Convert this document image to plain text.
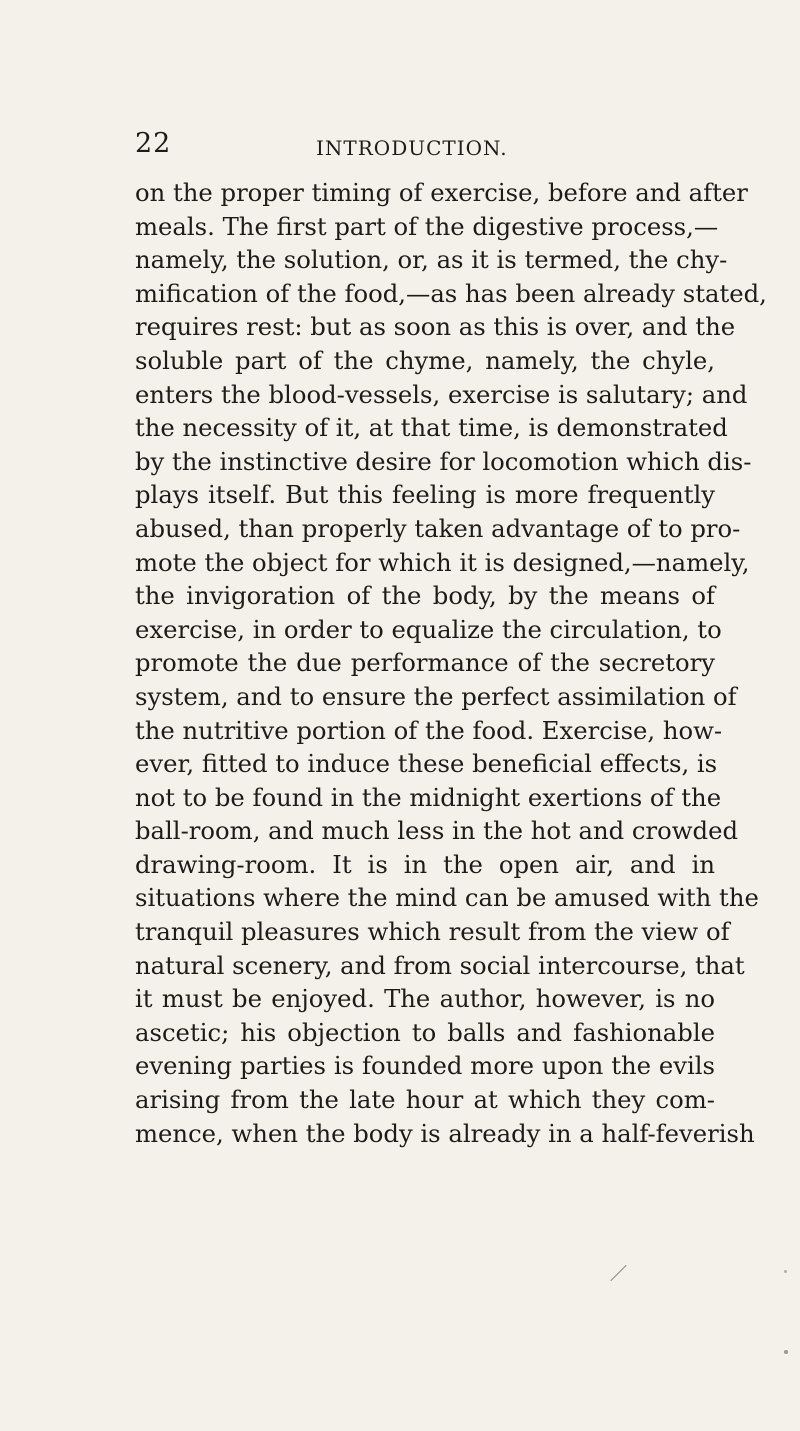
22	INTRODUCTION.
on the proper timing of exercise, before and after
meals. The first part of the digestive process,—
namely, the solution, or, as it is termed, the chy-
mification of the food,—as has been already stated,
requires rest: but as soon as this is over, and the
soluble part of the chyme, namely, the chyle,
enters the blood-vessels, exercise is salutary; and
the necessity of it, at that time, is demonstrated
by the instinctive desire for locomotion which dis-
plays itself. But this feeling is more frequently
abused, than properly taken advantage of to pro-
mote the object for which it is designed,—namely,
the invigoration of the body, by the means of
exercise, in order to equalize the circulation, to
promote the due performance of the secretory
system, and to ensure the perfect assimilation of
the nutritive portion of the food. Exercise, how-
ever, fitted to induce these beneficial effects, is
not to be found in the midnight exertions of the
ball-room, and much less in the hot and crowded
drawing-room. It is in the open air, and in
situations where the mind can be amused with the
tranquil pleasures which result from the view of
natural scenery, and from social intercourse, that
it must be enjoyed. The author, however, is no
ascetic; his objection to balls and fashionable
evening parties is founded more upon the evils
arising from the late hour at which they com-
mence, when the body is already in a half-feverish
